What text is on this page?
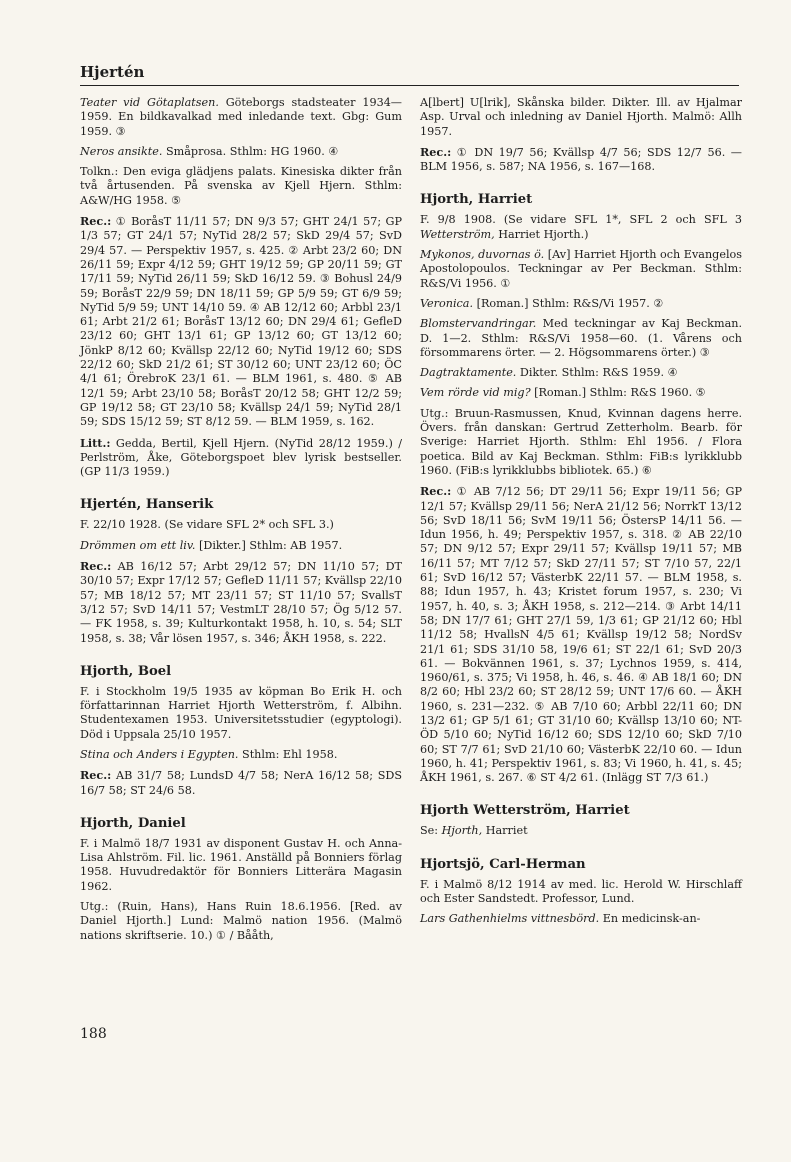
Hjertén

Teater vid Götaplatsen. Göteborgs stadsteater 1934—1959. En bildkavalkad med inledande text. Gbg: Gum 1959. ③

Neros ansikte. Småprosa. Sthlm: HG 1960. ④

Tolkn.: Den eviga glädjens palats. Kinesiska dikter från två årtusenden. På svenska av Kjell Hjern. Sthlm: A&W/HG 1958. ⑤

Rec.: ① BoråsT 11/11 57; DN 9/3 57; GHT 24/1 57; GP 1/3 57; GT 24/1 57; NyTid 28/2 57; SkD 29/4 57; SvD 29/4 57. — Perspektiv 1957, s. 425. ② Arbt 23/2 60; DN 26/11 59; Expr 4/12 59; GHT 19/12 59; GP 20/11 59; GT 17/11 59; NyTid 26/11 59; SkD 16/12 59. ③ Bohusl 24/9 59; BoråsT 22/9 59; DN 18/11 59; GP 5/9 59; GT 6/9 59; NyTid 5/9 59; UNT 14/10 59. ④ AB 12/12 60; Arbbl 23/1 61; Arbt 21/2 61; BoråsT 13/12 60; DN 29/4 61; GefleD 23/12 60; GHT 13/1 61; GP 13/12 60; GT 13/12 60; JönkP 8/12 60; Kvällsp 22/12 60; NyTid 19/12 60; SDS 22/12 60; SkD 21/2 61; ST 30/12 60; UNT 23/12 60; ÖC 4/1 61; ÖrebroK 23/1 61. — BLM 1961, s. 480. ⑤ AB 12/1 59; Arbt 23/10 58; BoråsT 20/12 58; GHT 12/2 59; GP 19/12 58; GT 23/10 58; Kvällsp 24/1 59; NyTid 28/1 59; SDS 15/12 59; ST 8/12 59. — BLM 1959, s. 162.

Litt.: Gedda, Bertil, Kjell Hjern. (NyTid 28/12 1959.) / Perlström, Åke, Göteborgspoet blev lyrisk bestseller. (GP 11/3 1959.)

Hjertén, Hanserik

F. 22/10 1928. (Se vidare SFL 2* och SFL 3.)

Drömmen om ett liv. [Dikter.] Sthlm: AB 1957.

Rec.: AB 16/12 57; Arbt 29/12 57; DN 11/10 57; DT 30/10 57; Expr 17/12 57; GefleD 11/11 57; Kvällsp 22/10 57; MB 18/12 57; MT 23/11 57; ST 11/10 57; SvallsT 3/12 57; SvD 14/11 57; VestmLT 28/10 57; Ög 5/12 57. — FK 1958, s. 39; Kulturkontakt 1958, h. 10, s. 54; SLT 1958, s. 38; Vår lösen 1957, s. 346; ÅKH 1958, s. 222.

Hjorth, Boel

F. i Stockholm 19/5 1935 av köpman Bo Erik H. och författarinnan Harriet Hjorth Wetterström, f. Albihn. Studentexamen 1953. Universitetsstudier (egyptologi). Död i Uppsala 25/10 1957.

Stina och Anders i Egypten. Sthlm: Ehl 1958.

Rec.: AB 31/7 58; LundsD 4/7 58; NerA 16/12 58; SDS 16/7 58; ST 24/6 58.

Hjorth, Daniel

F. i Malmö 18/7 1931 av disponent Gustav H. och Anna-Lisa Ahlström. Fil. lic. 1961. Anställd på Bonniers förlag 1958. Huvudredaktör för Bonniers Litterära Magasin 1962.

Utg.: (Ruin, Hans), Hans Ruin 18.6.1956. [Red. av Daniel Hjorth.] Lund: Malmö nation 1956. (Malmö nations skriftserie. 10.) ① / Bååth,

A[lbert] U[lrik], Skånska bilder. Dikter. Ill. av Hjalmar Asp. Urval och inledning av Daniel Hjorth. Malmö: Allh 1957.

Rec.: ① DN 19/7 56; Kvällsp 4/7 56; SDS 12/7 56. — BLM 1956, s. 587; NA 1956, s. 167—168.

Hjorth, Harriet

F. 9/8 1908. (Se vidare SFL 1*, SFL 2 och SFL 3 Wetterström, Harriet Hjorth.)

Mykonos, duvornas ö. [Av] Harriet Hjorth och Evangelos Apostolopoulos. Teckningar av Per Beckman. Sthlm: R&S/Vi 1956. ①

Veronica. [Roman.] Sthlm: R&S/Vi 1957. ②

Blomstervandringar. Med teckningar av Kaj Beckman. D. 1—2. Sthlm: R&S/Vi 1958—60. (1. Vårens och försommarens örter. — 2. Högsommarens örter.) ③

Dagtraktamente. Dikter. Sthlm: R&S 1959. ④

Vem rörde vid mig? [Roman.] Sthlm: R&S 1960. ⑤

Utg.: Bruun-Rasmussen, Knud, Kvinnan dagens herre. Övers. från danskan: Gertrud Zetterholm. Bearb. för Sverige: Harriet Hjorth. Sthlm: Ehl 1956. / Flora poetica. Bild av Kaj Beckman. Sthlm: FiB:s lyrikklubb 1960. (FiB:s lyrikklubbs bibliotek. 65.) ⑥

Rec.: ① AB 7/12 56; DT 29/11 56; Expr 19/11 56; GP 12/1 57; Kvällsp 29/11 56; NerA 21/12 56; NorrkT 13/12 56; SvD 18/11 56; SvM 19/11 56; ÖstersP 14/11 56. — Idun 1956, h. 49; Perspektiv 1957, s. 318. ② AB 22/10 57; DN 9/12 57; Expr 29/11 57; Kvällsp 19/11 57; MB 16/11 57; MT 7/12 57; SkD 27/11 57; ST 7/10 57, 22/1 61; SvD 16/12 57; VästerbK 22/11 57. — BLM 1958, s. 88; Idun 1957, h. 43; Kristet forum 1957, s. 230; Vi 1957, h. 40, s. 3; ÅKH 1958, s. 212—214. ③ Arbt 14/11 58; DN 17/7 61; GHT 27/1 59, 1/3 61; GP 21/12 60; Hbl 11/12 58; HvallsN 4/5 61; Kvällsp 19/12 58; NordSv 21/1 61; SDS 31/10 58, 19/6 61; ST 22/1 61; SvD 20/3 61. — Bokvännen 1961, s. 37; Lychnos 1959, s. 414, 1960/61, s. 375; Vi 1958, h. 46, s. 46. ④ AB 18/1 60; DN 8/2 60; Hbl 23/2 60; ST 28/12 59; UNT 17/6 60. — ÅKH 1960, s. 231—232. ⑤ AB 7/10 60; Arbbl 22/11 60; DN 13/2 61; GP 5/1 61; GT 31/10 60; Kvällsp 13/10 60; NT-ÖD 5/10 60; NyTid 16/12 60; SDS 12/10 60; SkD 7/10 60; ST 7/7 61; SvD 21/10 60; VästerbK 22/10 60. — Idun 1960, h. 41; Perspektiv 1961, s. 83; Vi 1960, h. 41, s. 45; ÅKH 1961, s. 267. ⑥ ST 4/2 61. (Inlägg ST 7/3 61.)

Hjorth Wetterström, Harriet

Se: Hjorth, Harriet

Hjortsjö, Carl-Herman

F. i Malmö 8/12 1914 av med. lic. Herold W. Hirschlaff och Ester Sandstedt. Professor, Lund.

Lars Gathenhielms vittnesbörd. En medicinsk-an-

188
